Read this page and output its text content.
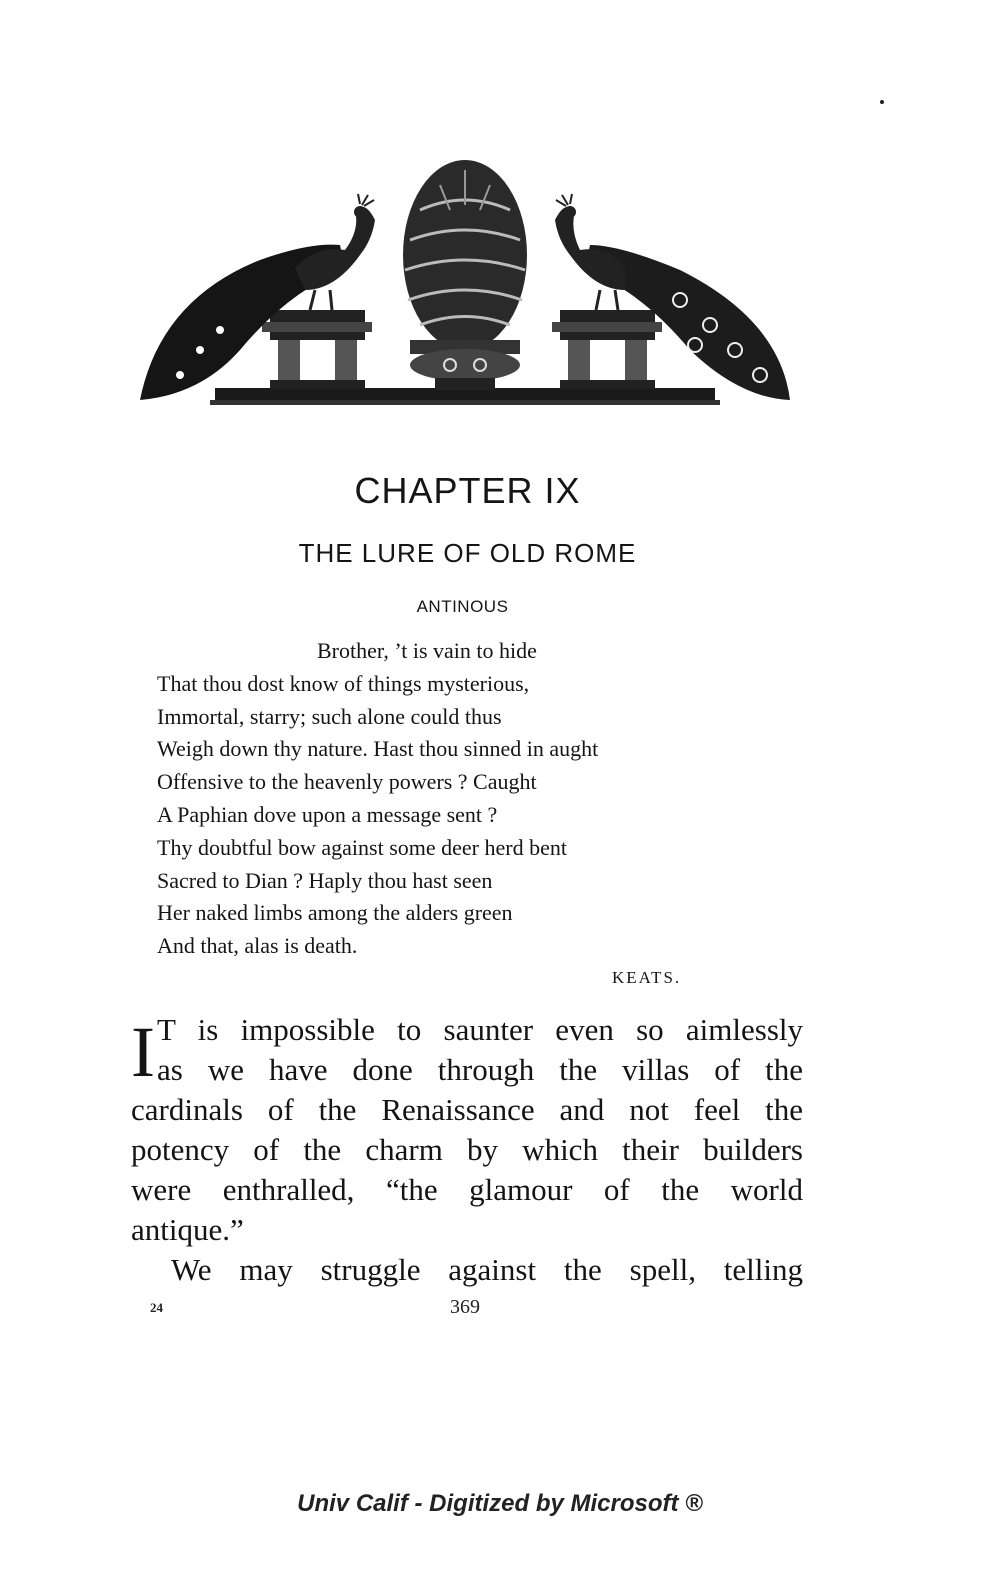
CHAPTER IX
THE LURE OF OLD ROME
ANTINOUS
Brother, ’t is vain to hide
That thou dost know of things mysterious,
Immortal, starry; such alone could thus
Weigh down thy nature. Hast thou sinned in aught
Offensive to the heavenly powers ? Caught
A Paphian dove upon a message sent ?
Thy doubtful bow against some deer herd bent
Sacred to Dian ? Haply thou hast seen
Her naked limbs among the alders green
And that, alas is death.
KEATS.
I T is impossible to saunter even so aimlessly
as we have done through the villas of the
cardinals of the Renaissance and not feel the
potency of the charm by which their builders
were enthralled, “the glamour of the world
antique.”
We may struggle against the spell, telling
24	369
Univ Calif - Digitized by Microsoft ®
